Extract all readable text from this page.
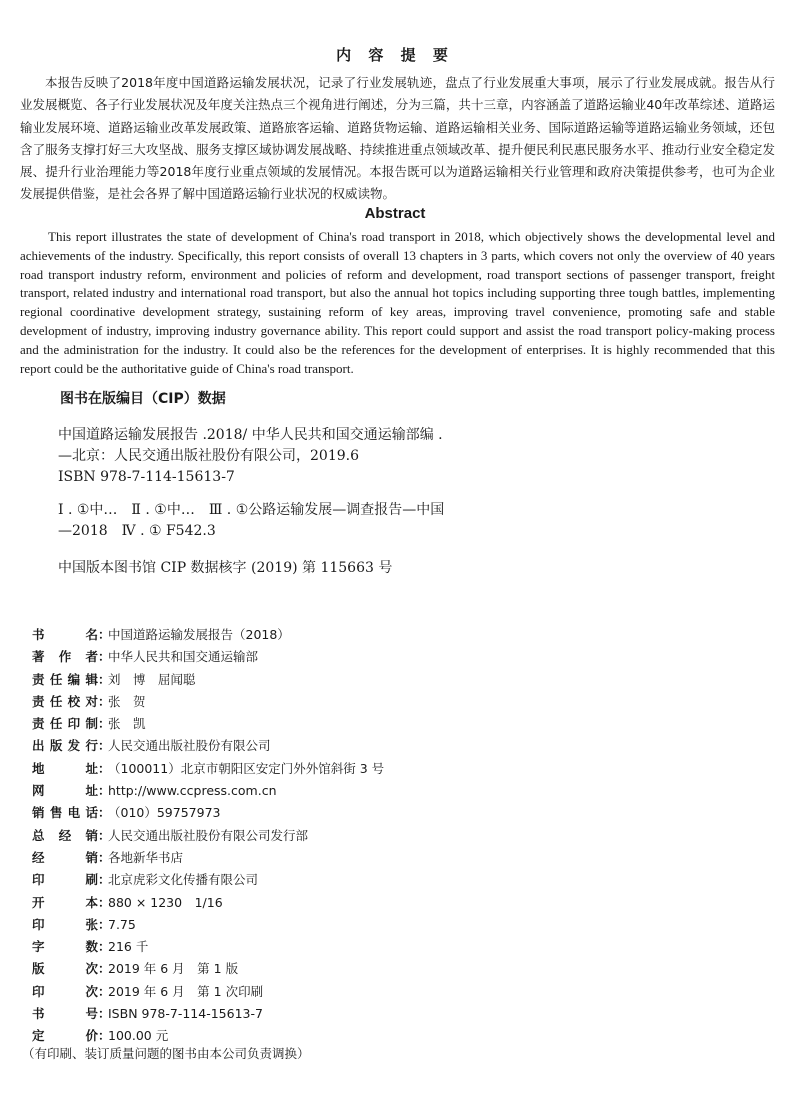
内 容 提 要

本报告反映了2018年度中国道路运输发展状况，记录了行业发展轨迹，盘点了行业发展重大事项，展示了行业发展成就。报告从行业发展概览、各子行业发展状况及年度关注热点三个视角进行阐述，分为三篇，共十三章，内容涵盖了道路运输业40年改革综述、道路运输业发展环境、道路运输业改革发展政策、道路旅客运输、道路货物运输、道路运输相关业务、国际道路运输等道路运输业务领域，还包含了服务支撑打好三大攻坚战、服务支撑区域协调发展战略、持续推进重点领域改革、提升便民利民惠民服务水平、推动行业安全稳定发展、提升行业治理能力等2018年度行业重点领域的发展情况。本报告既可以为道路运输相关行业管理和政府决策提供参考，也可为企业发展提供借鉴，是社会各界了解中国道路运输行业状况的权威读物。

Abstract

This report illustrates the state of development of China's road transport in 2018, which objectively shows the developmental level and achievements of the industry. Specifically, this report consists of overall 13 chapters in 3 parts, which covers not only the overview of 40 years road transport industry reform, environment and policies of reform and development, road transport sections of passenger transport, freight transport, related industry and international road transport, but also the annual hot topics including supporting three tough battles, implementing regional coordinative development strategy, sustaining reform of key areas, improving travel convenience, promoting safe and stable development of industry, improving industry governance ability. This report could support and assist the road transport policy-making process and the administration for the industry. It could also be the references for the development of enterprises. It is highly recommended that this report could be the authoritative guide of China's road transport.

图书在版编目（CIP）数据

中国道路运输发展报告 .2018/ 中华人民共和国交通运输部编 . —北京：人民交通出版社股份有限公司，2019.6

ISBN 978-7-114-15613-7

Ⅰ . ①中…　Ⅱ . ①中…　Ⅲ . ①公路运输发展—调查报告—中国—2018　Ⅳ . ① F542.3

中国版本图书馆 CIP 数据核字 (2019) 第 115663 号

书名 ：
中国道路运输发展报告（2018）
著作者 ：
中华人民共和国交通运输部
责任编辑 ：
刘　博　屈闻聪
责任校对 ：
张　贺
责任印制 ：
张　凯
出版发行 ：
人民交通出版社股份有限公司
地址 ：
（100011）北京市朝阳区安定门外外馆斜街 3 号
网址 ：
http://www.ccpress.com.cn
销售电话 ：
（010）59757973
总经销 ：
人民交通出版社股份有限公司发行部
经销 ：
各地新华书店
印刷 ：
北京虎彩文化传播有限公司
开本 ：
880 × 1230　1/16
印张 ：
7.75
字数 ：
216 千
版次 ：
2019 年 6 月　第 1 版
印次 ：
2019 年 6 月　第 1 次印刷
书号 ：
ISBN 978-7-114-15613-7
定价 ：
100.00 元
（有印刷、装订质量问题的图书由本公司负责调换）
